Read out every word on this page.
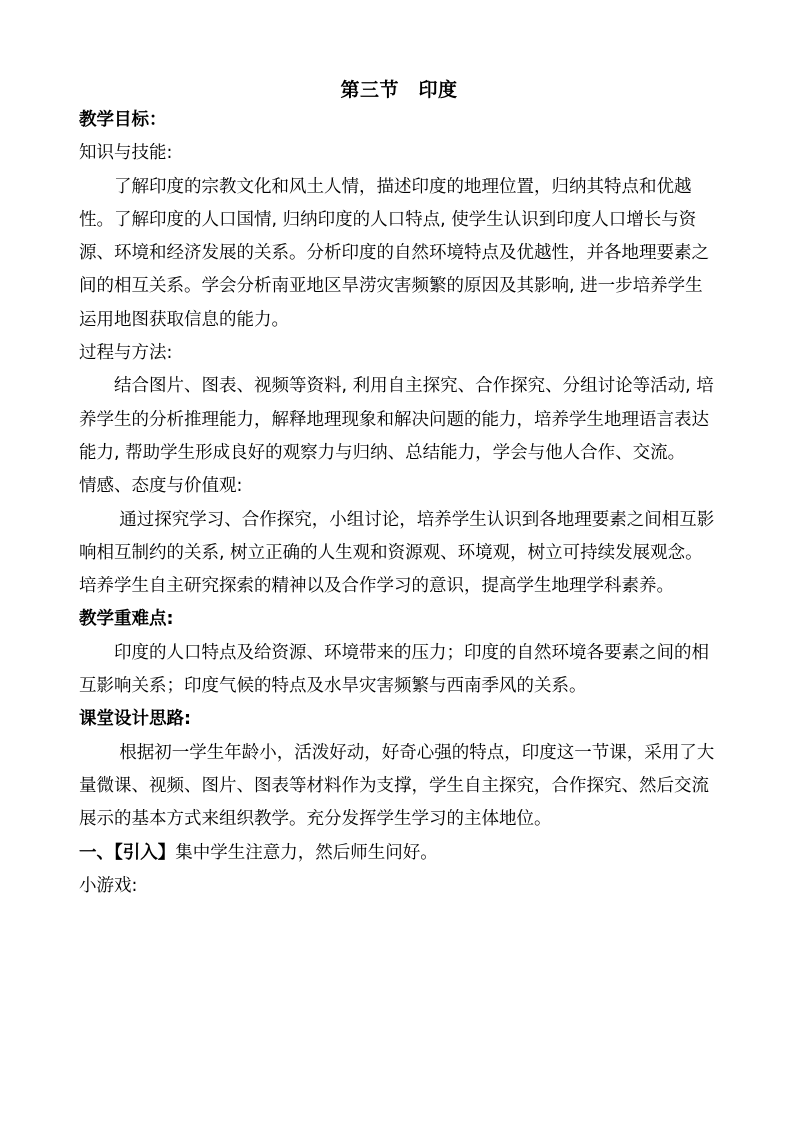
第三节　印度
教学目标：
知识与技能:

了解印度的宗教文化和风土人情，描述印度的地理位置，归纳其特点和优越性。了解印度的人口国情, 归纳印度的人口特点, 使学生认识到印度人口增长与资源、环境和经济发展的关系。分析印度的自然环境特点及优越性，并各地理要素之间的相互关系。学会分析南亚地区旱涝灾害频繁的原因及其影响, 进一步培养学生运用地图获取信息的能力。

过程与方法:

结合图片、图表、视频等资料, 利用自主探究、合作探究、分组讨论等活动, 培养学生的分析推理能力，解释地理现象和解决问题的能力，培养学生地理语言表达能力, 帮助学生形成良好的观察力与归纳、总结能力，学会与他人合作、交流。

情感、态度与价值观:

通过探究学习、合作探究，小组讨论，培养学生认识到各地理要素之间相互影响相互制约的关系, 树立正确的人生观和资源观、环境观，树立可持续发展观念。培养学生自主研究探索的精神以及合作学习的意识，提高学生地理学科素养。

教学重难点:

印度的人口特点及给资源、环境带来的压力；印度的自然环境各要素之间的相互影响关系；印度气候的特点及水旱灾害频繁与西南季风的关系。

课堂设计思路:

根据初一学生年龄小，活泼好动，好奇心强的特点，印度这一节课，采用了大量微课、视频、图片、图表等材料作为支撑，学生自主探究，合作探究、然后交流展示的基本方式来组织教学。充分发挥学生学习的主体地位。

一、【引入】集中学生注意力，然后师生问好。
小游戏:
